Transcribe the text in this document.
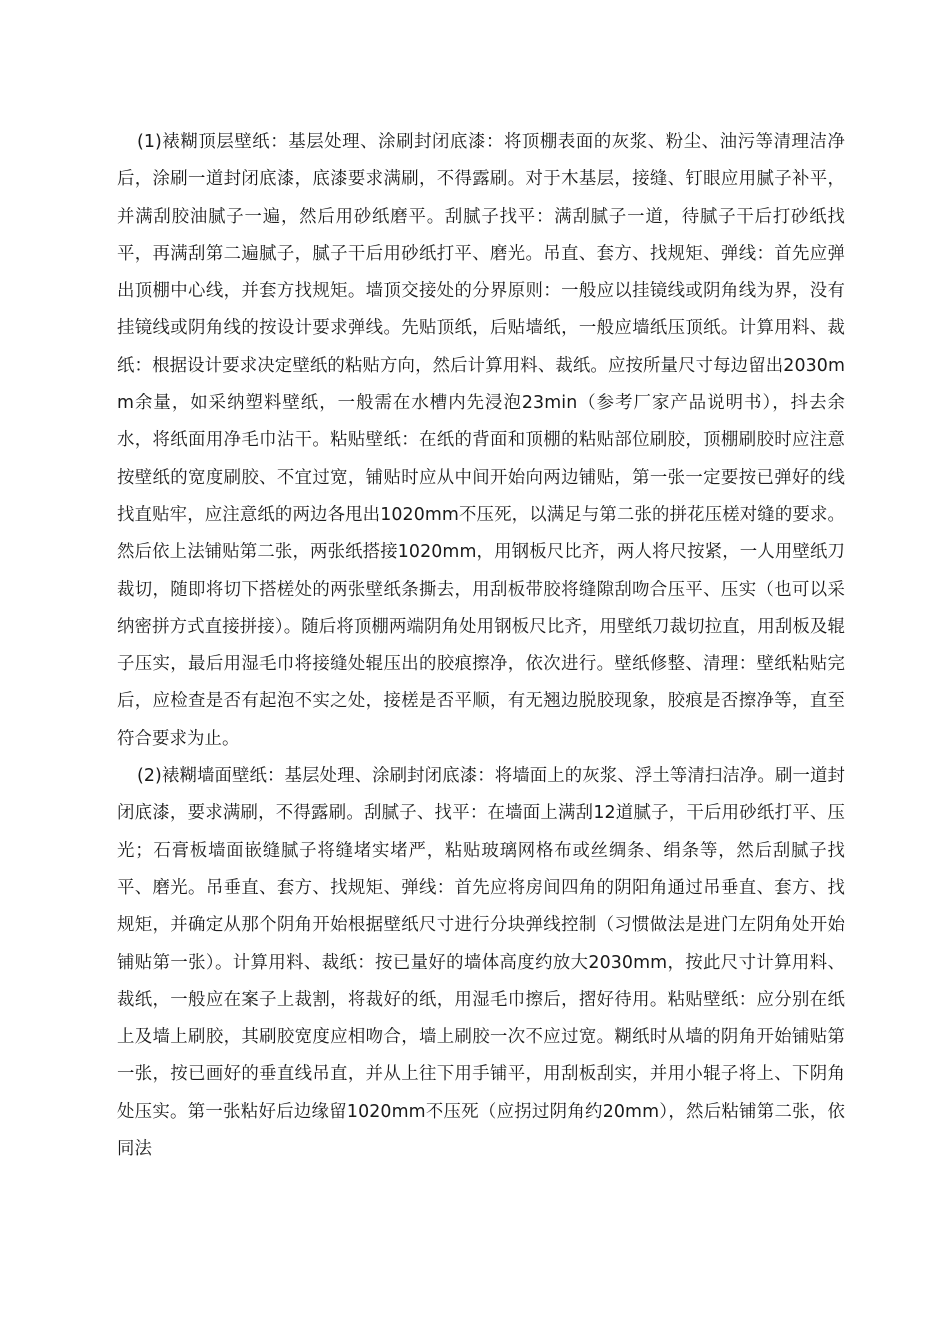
(1)裱糊顶层壁纸：基层处理、涂刷封闭底漆：将顶棚表面的灰浆、粉尘、油污等清理洁净后，涂刷一道封闭底漆，底漆要求满刷，不得露刷。对于木基层，接缝、钉眼应用腻子补平，并满刮胶油腻子一遍，然后用砂纸磨平。刮腻子找平：满刮腻子一道，待腻子干后打砂纸找平，再满刮第二遍腻子，腻子干后用砂纸打平、磨光。吊直、套方、找规矩、弹线：首先应弹出顶棚中心线，并套方找规矩。墙顶交接处的分界原则：一般应以挂镜线或阴角线为界，没有挂镜线或阴角线的按设计要求弹线。先贴顶纸，后贴墙纸，一般应墙纸压顶纸。计算用料、裁纸：根据设计要求决定壁纸的粘贴方向，然后计算用料、裁纸。应按所量尺寸每边留出2030mm余量，如采纳塑料壁纸，一般需在水槽内先浸泡23min（参考厂家产品说明书），抖去余水，将纸面用净毛巾沾干。粘贴壁纸：在纸的背面和顶棚的粘贴部位刷胶，顶棚刷胶时应注意按壁纸的宽度刷胶、不宜过宽，铺贴时应从中间开始向两边铺贴，第一张一定要按已弹好的线找直贴牢，应注意纸的两边各甩出1020mm不压死，以满足与第二张的拼花压槎对缝的要求。然后依上法铺贴第二张，两张纸搭接1020mm，用钢板尺比齐，两人将尺按紧，一人用壁纸刀裁切，随即将切下搭槎处的两张壁纸条撕去，用刮板带胶将缝隙刮吻合压平、压实（也可以采纳密拼方式直接拼接）。随后将顶棚两端阴角处用钢板尺比齐，用壁纸刀裁切拉直，用刮板及辊子压实，最后用湿毛巾将接缝处辊压出的胶痕擦净，依次进行。壁纸修整、清理：壁纸粘贴完后，应检查是否有起泡不实之处，接槎是否平顺，有无翘边脱胶现象，胶痕是否擦净等，直至符合要求为止。

(2)裱糊墙面壁纸：基层处理、涂刷封闭底漆：将墙面上的灰浆、浮土等清扫洁净。刷一道封闭底漆，要求满刷，不得露刷。刮腻子、找平：在墙面上满刮12道腻子，干后用砂纸打平、压光；石膏板墙面嵌缝腻子将缝堵实堵严，粘贴玻璃网格布或丝绸条、绢条等，然后刮腻子找平、磨光。吊垂直、套方、找规矩、弹线：首先应将房间四角的阴阳角通过吊垂直、套方、找规矩，并确定从那个阴角开始根据壁纸尺寸进行分块弹线控制（习惯做法是进门左阴角处开始铺贴第一张）。计算用料、裁纸：按已量好的墙体高度约放大2030mm，按此尺寸计算用料、裁纸，一般应在案子上裁割，将裁好的纸，用湿毛巾擦后，摺好待用。粘贴壁纸：应分别在纸上及墙上刷胶，其刷胶宽度应相吻合，墙上刷胶一次不应过宽。糊纸时从墙的阴角开始铺贴第一张，按已画好的垂直线吊直，并从上往下用手铺平，用刮板刮实，并用小辊子将上、下阴角处压实。第一张粘好后边缘留1020mm不压死（应拐过阴角约20mm），然后粘铺第二张，依同法
